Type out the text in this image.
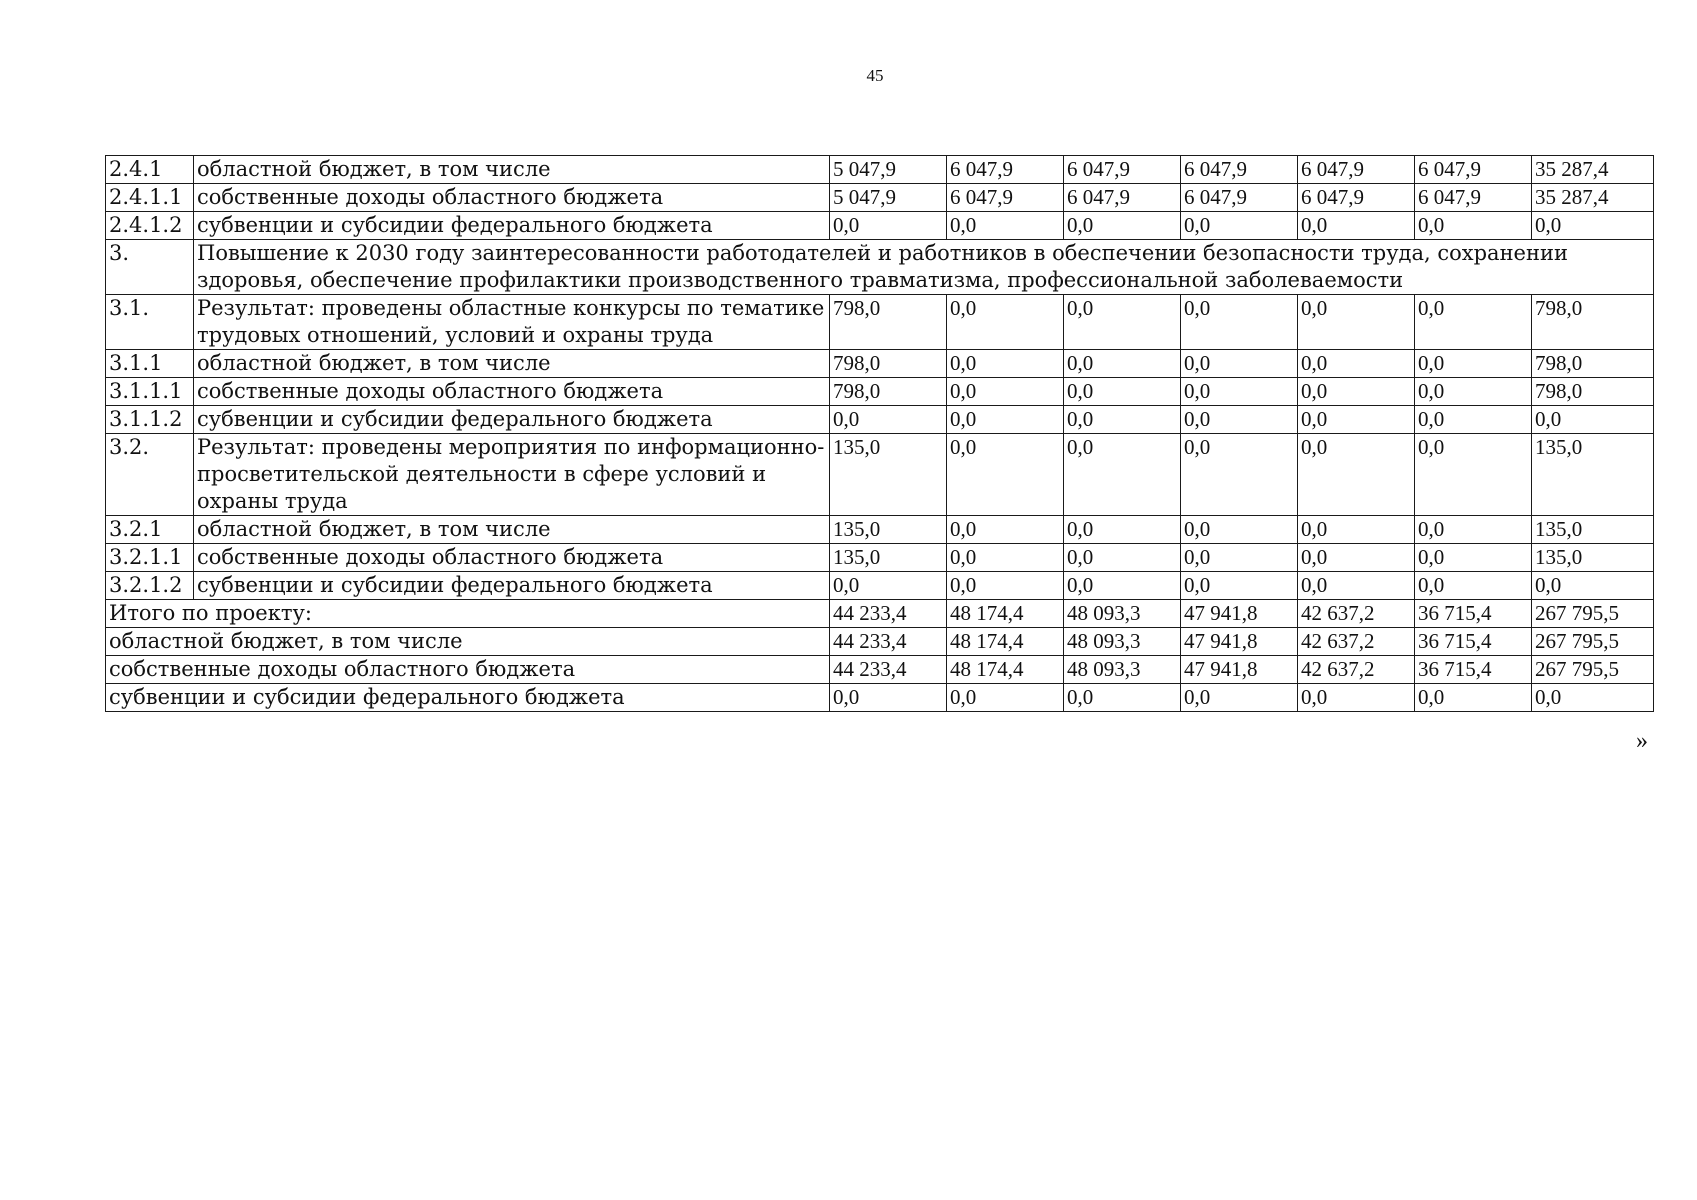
45
2.4.1	областной бюджет, в том числе	5 047,9	6 047,9	6 047,9	6 047,9	6 047,9	6 047,9	35 287,4
2.4.1.1	собственные доходы областного бюджета	5 047,9	6 047,9	6 047,9	6 047,9	6 047,9	6 047,9	35 287,4
2.4.1.2	субвенции и субсидии федерального бюджета	0,0	0,0	0,0	0,0	0,0	0,0	0,0
3.	Повышение к 2030 году заинтересованности работодателей и работников в обеспечении безопасности труда, сохранении здоровья, обеспечение профилактики производственного травматизма, профессиональной заболеваемости							
3.1.	Результат: проведены областные конкурсы по тематике трудовых отношений, условий и охраны труда	798,0	0,0	0,0	0,0	0,0	0,0	798,0
3.1.1	областной бюджет, в том числе	798,0	0,0	0,0	0,0	0,0	0,0	798,0
3.1.1.1	собственные доходы областного бюджета	798,0	0,0	0,0	0,0	0,0	0,0	798,0
3.1.1.2	субвенции и субсидии федерального бюджета	0,0	0,0	0,0	0,0	0,0	0,0	0,0
3.2.	Результат: проведены мероприятия по информационно-просветительской деятельности в сфере условий и охраны труда	135,0	0,0	0,0	0,0	0,0	0,0	135,0
3.2.1	областной бюджет, в том числе	135,0	0,0	0,0	0,0	0,0	0,0	135,0
3.2.1.1	собственные доходы областного бюджета	135,0	0,0	0,0	0,0	0,0	0,0	135,0
3.2.1.2	субвенции и субсидии федерального бюджета	0,0	0,0	0,0	0,0	0,0	0,0	0,0
Итого по проекту:		44 233,4	48 174,4	48 093,3	47 941,8	42 637,2	36 715,4	267 795,5
областной бюджет, в том числе		44 233,4	48 174,4	48 093,3	47 941,8	42 637,2	36 715,4	267 795,5
собственные доходы областного бюджета		44 233,4	48 174,4	48 093,3	47 941,8	42 637,2	36 715,4	267 795,5
субвенции и субсидии федерального бюджета		0,0	0,0	0,0	0,0	0,0	0,0	0,0
»
